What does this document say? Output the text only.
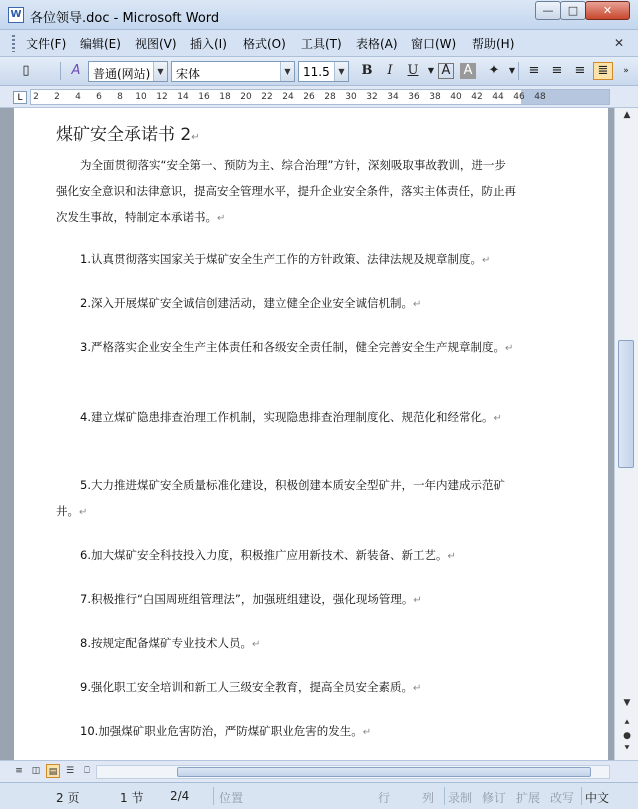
W 各位领导.doc - Microsoft Word
—	□	✕
文件(F) 编辑(E) 视图(V) 插入(I) 格式(O) 工具(T) 表格(A) 窗口(W) 帮助(H)	✕
▯	A	普通(网站) ▼ 宋体	▼ 11.5	▼	B	I	U	▼ A A	✦	▼	≡ ≡ ≡ ≣	»
L	2 2 4 6 8 10 12 14 16 18 20 22 24 26 28 30 32 34 36 38 40 42 44 46 48
煤矿安全承诺书 2↵
为全面贯彻落实“安全第一、预防为主、综合治理”方针，深刻吸取事故教训，进一步强化安全意识和法律意识，提高安全管理水平，提升企业安全条件，落实主体责任，防止再次发生事故，特制定本承诺书。↵
1.认真贯彻落实国家关于煤矿安全生产工作的方针政策、法律法规及规章制度。↵
2.深入开展煤矿安全诚信创建活动，建立健全企业安全诚信机制。↵
3.严格落实企业安全生产主体责任和各级安全责任制，健全完善安全生产规章制度。↵
4.建立煤矿隐患排查治理工作机制，实现隐患排查治理制度化、规范化和经常化。↵
5.大力推进煤矿安全质量标准化建设，积极创建本质安全型矿井，一年内建成示范矿井。↵
6.加大煤矿安全科技投入力度，积极推广应用新技术、新装备、新工艺。↵
7.积极推行“白国周班组管理法”，加强班组建设，强化现场管理。↵
8.按规定配备煤矿专业技术人员。↵
9.强化职工安全培训和新工人三级安全教育，提高全员安全素质。↵
10.加强煤矿职业危害防治，严防煤矿职业危害的发生。↵
▲
▼
⯅
●
⯆
≡ ◫ ▤ ☰	⎕
2 页	1 节 2/4 位置	行	列 录制 修订 扩展 改写 中文
